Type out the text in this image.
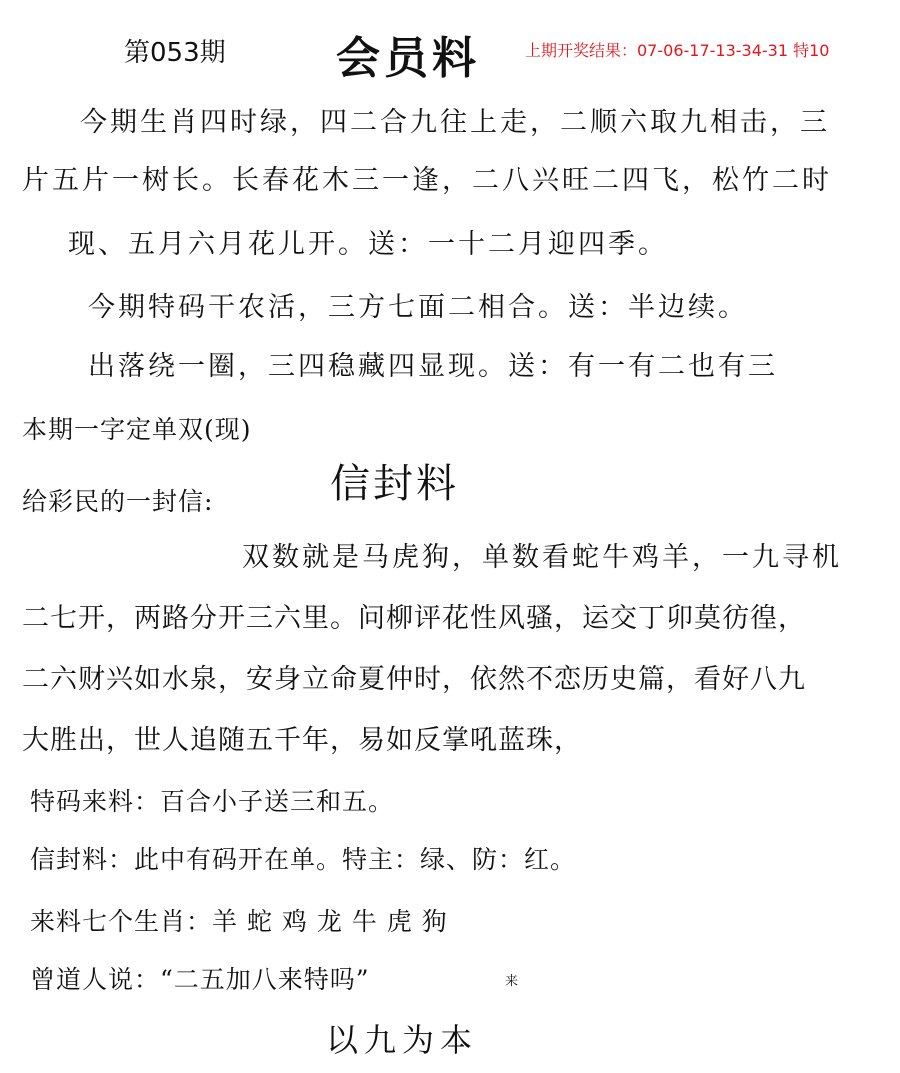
第053期	会员料	上期开奖结果：07-06-17-13-34-31 特10
今期生肖四时绿，四二合九往上走，二顺六取九相击，三
片五片一树长。长春花木三一逢，二八兴旺二四飞，松竹二时
现、五月六月花儿开。送：一十二月迎四季。
今期特码干农活，三方七面二相合。送：半边续。
出落绕一圈，三四稳藏四显现。送：有一有二也有三
本期一字定单双(现)
给彩民的一封信:	信封料
双数就是马虎狗，单数看蛇牛鸡羊，一九寻机
二七开，两路分开三六里。问柳评花性风骚，运交丁卯莫彷徨，
二六财兴如水泉，安身立命夏仲时，依然不恋历史篇，看好八九
大胜出，世人追随五千年，易如反掌吼蓝珠，
特码来料：百合小子送三和五。
信封料：此中有码开在单。特主：绿、防：红。
来料七个生肖：羊 蛇 鸡 龙 牛 虎 狗
曾道人说：“二五加八来特吗”	来
以九为本
